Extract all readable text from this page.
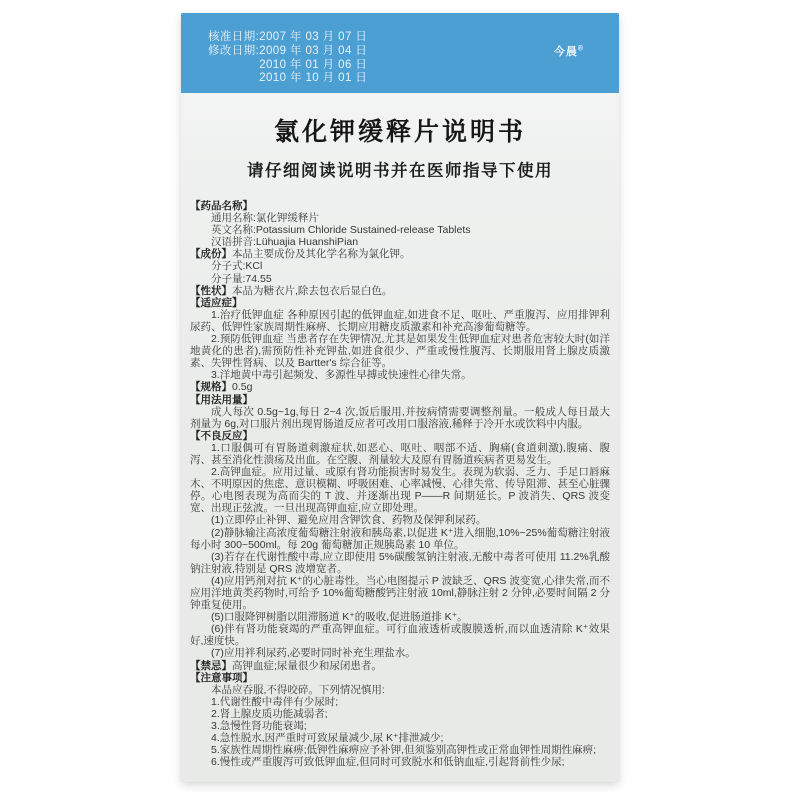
核准日期:2007 年 03 月 07 日
修改日期:2009 年 03 月 04 日
2010 年 01 月 06 日
2010 年 10 月 01 日
今晨®
氯化钾缓释片说明书
请仔细阅读说明书并在医师指导下使用
【药品名称】
通用名称:氯化钾缓释片
英文名称:Potassium Chloride Sustained-release Tablets
汉语拼音:Lühuajia HuanshiPian
【成份】本品主要成份及其化学名称为氯化钾。
分子式:KCl
分子量:74.55
【性状】本品为糖衣片,除去包衣后显白色。
【适应症】
1.治疗低钾血症 各种原因引起的低钾血症,如进食不足、呕吐、严重腹泻、应用排钾利尿药、低钾性家族周期性麻痹、长期应用糖皮质激素和补充高渗葡萄糖等。
2.预防低钾血症 当患者存在失钾情况,尤其是如果发生低钾血症对患者危害较大时(如洋地黄化的患者),需预防性补充钾盐,如进食很少、严重或慢性腹泻、长期服用肾上腺皮质激素、失钾性肾病、以及 Bartter's 综合征等。
3.洋地黄中毒引起频发、多源性早搏或快速性心律失常。
【规格】0.5g
【用法用量】
成人每次 0.5g~1g,每日 2~4 次,饭后服用,并按病情需要调整剂量。一般成人每日最大剂量为 6g,对口服片剂出现胃肠道反应者可改用口服溶液,稀释于冷开水或饮料中内服。
【不良反应】
1.口服偶可有胃肠道刺激症状,如恶心、呕吐、咽部不适、胸痛(食道刺激),腹痛、腹泻、甚至消化性溃疡及出血。在空腹、剂量较大及原有胃肠道疾病者更易发生。
2.高钾血症。应用过量、或原有肾功能损害时易发生。表现为软弱、乏力、手足口唇麻木、不明原因的焦虑、意识模糊、呼吸困难、心率减慢、心律失常、传导阻滞、甚至心脏骤停。心电图表现为高而尖的 T 波、并逐渐出现 P——R 间期延长。P 波消失、QRS 波变宽、出现正弦波。一旦出现高钾血症,应立即处理。
(1)立即停止补钾、避免应用含钾饮食、药物及保钾利尿药。
(2)静脉输注高浓度葡萄糖注射液和胰岛素,以促进 K⁺进入细胞,10%~25%葡萄糖注射液每小时 300~500ml。每 20g 葡萄糖加正规胰岛素 10 单位。
(3)若存在代谢性酸中毒,应立即使用 5%碳酸氢钠注射液,无酸中毒者可使用 11.2%乳酸钠注射液,特别是 QRS 波增宽者。
(4)应用钙剂对抗 K⁺的心脏毒性。当心电图提示 P 波缺乏、QRS 波变宽,心律失常,而不应用洋地黄类药物时,可给予 10%葡萄糖酸钙注射液 10ml,静脉注射 2 分钟,必要时间隔 2 分钟重复使用。
(5)口服降钾树脂以阻滞肠道 K⁺的吸收,促进肠道排 K⁺。
(6)伴有肾功能衰竭的严重高钾血症。可行血液透析或腹膜透析,而以血透清除 K⁺效果好,速度快。
(7)应用袢利尿药,必要时同时补充生理盐水。
【禁忌】高钾血症;尿量很少和尿闭患者。
【注意事项】
本品应吞服,不得咬碎。下列情况慎用:
1.代谢性酸中毒伴有少尿时;
2.肾上腺皮质功能减弱者;
3.急慢性肾功能衰竭;
4.急性脱水,因严重时可致尿量减少,尿 K⁺排泄减少;
5.家族性周期性麻痹;低钾性麻痹应予补钾,但须鉴别高钾性或正常血钾性周期性麻痹;
6.慢性或严重腹泻可致低钾血症,但同时可致脱水和低钠血症,引起肾前性少尿;
